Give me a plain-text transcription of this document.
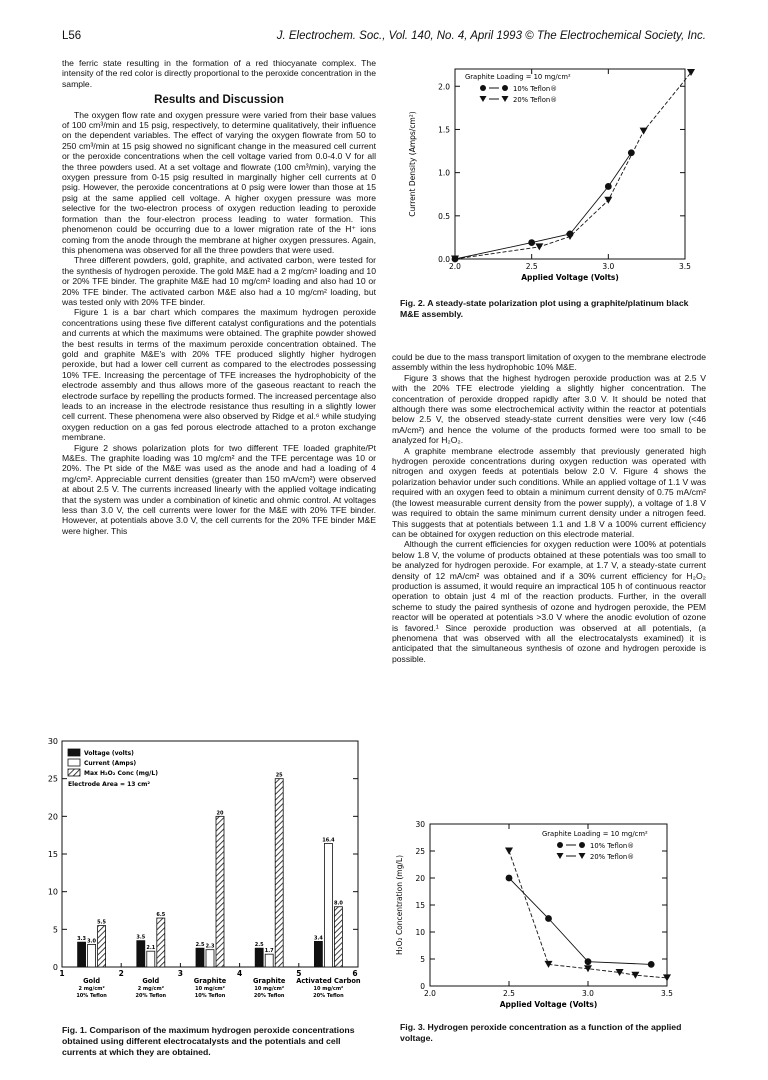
L56	J. Electrochem. Soc., Vol. 140, No. 4, April 1993 © The Electrochemical Society, Inc.

the ferric state resulting in the formation of a red thiocyanate complex. The intensity of the red color is directly proportional to the peroxide concentration in the sample.

Results and Discussion

The oxygen flow rate and oxygen pressure were varied from their base values of 100 cm³/min and 15 psig, respectively, to determine qualitatively, their influence on the dependent variables. The effect of varying the oxygen flowrate from 50 to 250 cm³/min at 15 psig showed no significant change in the measured cell current or the peroxide concentrations when the cell voltage varied from 0.0-4.0 V for all the three powders used. At a set voltage and flowrate (100 cm³/min), varying the oxygen pressure from 0-15 psig resulted in marginally higher cell currents at 0 psig. However, the peroxide concentrations at 0 psig were lower than those at 15 psig at the same applied cell voltage. A higher oxygen pressure was more selective for the two-electron process of oxygen reduction leading to peroxide formation than the four-electron process leading to water formation. This phenomenon could be occurring due to a lower migration rate of the H⁺ ions coming from the anode through the membrane at higher oxygen pressures. Again, this phenomena was observed for all the three powders that were used.

Three different powders, gold, graphite, and activated carbon, were tested for the synthesis of hydrogen peroxide. The gold M&E had a 2 mg/cm² loading and 10 or 20% TFE binder. The graphite M&E had 10 mg/cm² loading and also had 10 or 20% TFE binder. The activated carbon M&E also had a 10 mg/cm² loading, but was tested only with 20% TFE binder.

Figure 1 is a bar chart which compares the maximum hydrogen peroxide concentrations using these five different catalyst configurations and the potentials and currents at which the maximums were obtained. The graphite powder showed the best results in terms of the maximum peroxide concentration obtained. The gold and graphite M&E's with 20% TFE produced slightly higher hydrogen peroxide, but had a lower cell current as compared to the electrodes possessing 10% TFE. Increasing the percentage of TFE increases the hydrophobicity of the electrode assembly and thus allows more of the gaseous reactant to reach the electrode surface by repelling the products formed. The increased percentage also leads to an increase in the electrode resistance thus resulting in a slightly lower cell current. These phenomena were also observed by Ridge et al.⁶ while studying oxygen reduction on a gas fed porous electrode attached to a proton exchange membrane.

Figure 2 shows polarization plots for two different TFE loaded graphite/Pt M&Es. The graphite loading was 10 mg/cm² and the TFE percentage was 10 or 20%. The Pt side of the M&E was used as the anode and had a loading of 4 mg/cm². Appreciable current densities (greater than 150 mA/cm²) were observed at about 2.5 V. The currents increased linearly with the applied voltage indicating that the system was under a combination of kinetic and ohmic control. At voltages less than 3.0 V, the cell currents were lower for the M&E with 20% TFE binder. However, at potentials above 3.0 V, the cell currents for the 20% TFE binder M&E were higher. This

could be due to the mass transport limitation of oxygen to the membrane electrode assembly within the less hydrophobic 10% M&E.

Figure 3 shows that the highest hydrogen peroxide production was at 2.5 V with the 20% TFE electrode yielding a slightly higher concentration. The concentration of peroxide dropped rapidly after 3.0 V. It should be noted that although there was some electrochemical activity within the reactor at potentials below 2.5 V, the observed steady-state current densities were very low (<46 mA/cm²) and hence the volume of the products formed were too small to be analyzed for H₂O₂.

A graphite membrane electrode assembly that previously generated high hydrogen peroxide concentrations during oxygen reduction was operated with nitrogen and oxygen feeds at potentials below 2.0 V. Figure 4 shows the polarization behavior under such conditions. While an applied voltage of 1.1 V was required with an oxygen feed to obtain a minimum current density of 0.75 mA/cm² (the lowest measurable current density from the power supply), a voltage of 1.8 V was required to obtain the same minimum current density under a nitrogen feed. This suggests that at potentials between 1.1 and 1.8 V a 100% current efficiency can be obtained for oxygen reduction on this electrode material.

Although the current efficiencies for oxygen reduction were 100% at potentials below 1.8 V, the volume of products obtained at these potentials was too small to be analyzed for hydrogen peroxide. For example, at 1.7 V, a steady-state current density of 12 mA/cm² was obtained and if a 30% current efficiency for H₂O₂ production is assumed, it would require an impractical 105 h of continuous reactor operation to obtain just 4 ml of the reaction products. Further, in the overall scheme to study the paired synthesis of ozone and hydrogen peroxide, the PEM reactor will be operated at potentials >3.0 V where the anodic evolution of ozone is favored.¹ Since peroxide production was observed at all potentials, (a phenomena that was observed with all the electrocatalysts examined) it is anticipated that the simultaneous synthesis of ozone and hydrogen peroxide is possible.

0
5
10
15
20
25
30
1	2	3	4	5	6
Gold
2 mg/cm²
10% Teflon
Gold
2 mg/cm²
20% Teflon
Graphite
10 mg/cm²
10% Teflon
Graphite
10 mg/cm²
20% Teflon
Activated Carbon
10 mg/cm²
20% Teflon
3.3 3.0
5.5
3.5
2.1
6.5
2.5 2.3
20
2.5
1.7
25
3.4
16.4
8.0
Voltage (volts)
Current (Amps)
Max H₂O₂ Conc (mg/L)
Electrode Area = 13 cm²
Fig. 1. Comparison of the maximum hydrogen peroxide concentrations obtained using different electrocatalysts and the potentials and cell currents at which they are obtained.
2.0	2.5	3.0	3.5
0.0
0.5
1.0
1.5
2.0
Applied Voltage (Volts)
Current Density (Amps/cm²)
Graphite Loading = 10 mg/cm²
10% Teflon®
20% Teflon®
Fig. 2. A steady-state polarization plot using a graphite/platinum black M&E assembly.
2.0	2.5	3.0	3.5
0
5
10
15
20
25
30
Applied Voltage (Volts)
H₂O₂ Concentration (mg/L)
Graphite Loading = 10 mg/cm²
10% Teflon®
20% Teflon®
Fig. 3. Hydrogen peroxide concentration as a function of the applied voltage.
